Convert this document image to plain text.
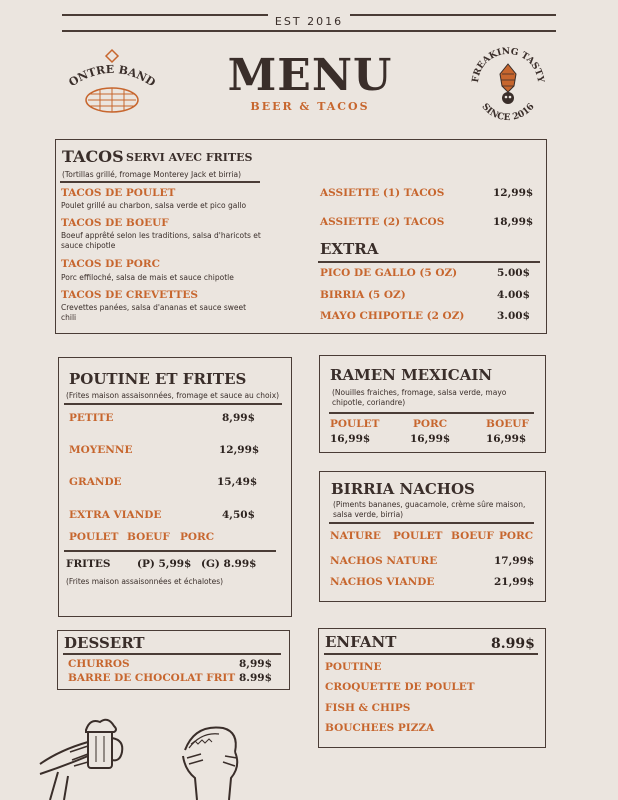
EST 2016
MENU
BEER & TACOS
ONTRE BAND	FREAKING TASTY
SINCE 2016
TACOS SERVI AVEC FRITES
(Tortillas grillé, fromage Monterey Jack et birria)
TACOS DE POULET
Poulet grillé au charbon, salsa verde et pico gallo
TACOS DE BOEUF
Boeuf apprêté selon les traditions, salsa d'haricots et sauce chipotle
TACOS DE PORC
Porc effiloché, salsa de mais et sauce chipotle
TACOS DE CREVETTES
Crevettes panées, salsa d'ananas et sauce sweet chili
ASSIETTE (1) TACOS	12,99$
ASSIETTE (2) TACOS	18,99$
EXTRA
PICO DE GALLO (5 OZ)	5.00$
BIRRIA (5 OZ)	4.00$
MAYO CHIPOTLE (2 OZ)	3.00$
POUTINE ET FRITES
(Frites maison assaisonnées, fromage et sauce au choix)
PETITE	8,99$
MOYENNE	12,99$
GRANDE	15,49$
EXTRA VIANDE	4,50$
POULET BOEUF PORC
FRITES	(P) 5,99$ (G) 8.99$
(Frites maison assaisonnées et échalotes)
RAMEN MEXICAIN
(Nouilles fraiches, fromage, salsa verde, mayo chipotle, coriandre)
POULET	PORC	BOEUF
16,99$	16,99$	16,99$
BIRRIA NACHOS
(Piments bananes, guacamole, crème sûre maison, salsa verde, birria)
NATURE POULET BOEUF PORC
NACHOS NATURE	17,99$
NACHOS VIANDE	21,99$
DESSERT
CHURROS	8,99$
BARRE DE CHOCOLAT FRIT 8.99$
ENFANT	8.99$
POUTINE
CROQUETTE DE POULET
FISH & CHIPS
BOUCHEES PIZZA
